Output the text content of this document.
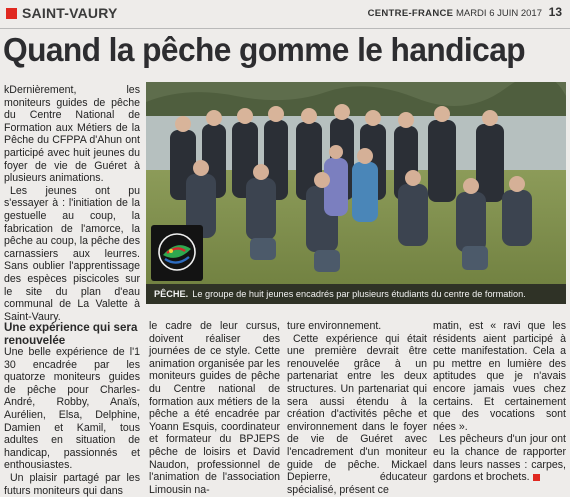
SAINT-VAURY	CENTRE-FRANCE MARDI 6 JUIN 2017 13
Quand la pêche gomme le handicap

kDernièrement, les moniteurs guides de pêche du Centre National de Formation aux Métiers de la Pêche du CFPPA d'Ahun ont participé avec huit jeunes du foyer de vie de Guéret à plusieurs animations.

Les jeunes ont pu s'essayer à : l'initiation de la gestuelle au coup, la fabrication de l'amorce, la pêche au coup, la pêche des carnassiers aux leurres. Sans oublier l'apprentissage des espèces piscicoles sur le site du plan d'eau communal de La Valette à Saint-Vaury.

PÊCHE. Le groupe de huit jeunes encadrés par plusieurs étudiants du centre de formation.
Une expérience qui sera renouvelée

Une belle expérience de l'1 30 encadrée par les quatorze moniteurs guides de pêche pour Charles-André, Robby, Anaïs, Aurélien, Elsa, Delphine, Damien et Kamil, tous adultes en situation de handicap, passionnés et enthousiastes.

Un plaisir partagé par les futurs moniteurs qui dans

le cadre de leur cursus, doivent réaliser des journées de ce style. Cette animation organisée par les moniteurs guides de pêche du Centre national de formation aux métiers de la pêche a été encadrée par Yoann Esquis, coordinateur et formateur du BPJEPS pêche de loisirs et David Naudon, professionnel de l'animation de l'association Limousin na-

ture environnement.

Cette expérience qui était une première devrait être renouvelée grâce à un partenariat entre les deux structures. Un partenariat qui sera aussi étendu à la création d'activités pêche et environnement dans le foyer de vie de Guéret avec l'encadrement d'un moniteur guide de pêche. Mickael Depierre, éducateur spécialisé, présent ce

matin, est « ravi que les résidents aient participé à cette manifestation. Cela a pu mettre en lumière des aptitudes que je n'avais encore jamais vues chez certains. Et certainement que des vocations sont nées ».

Les pêcheurs d'un jour ont eu la chance de rapporter dans leurs nasses : carpes, gardons et brochets.
